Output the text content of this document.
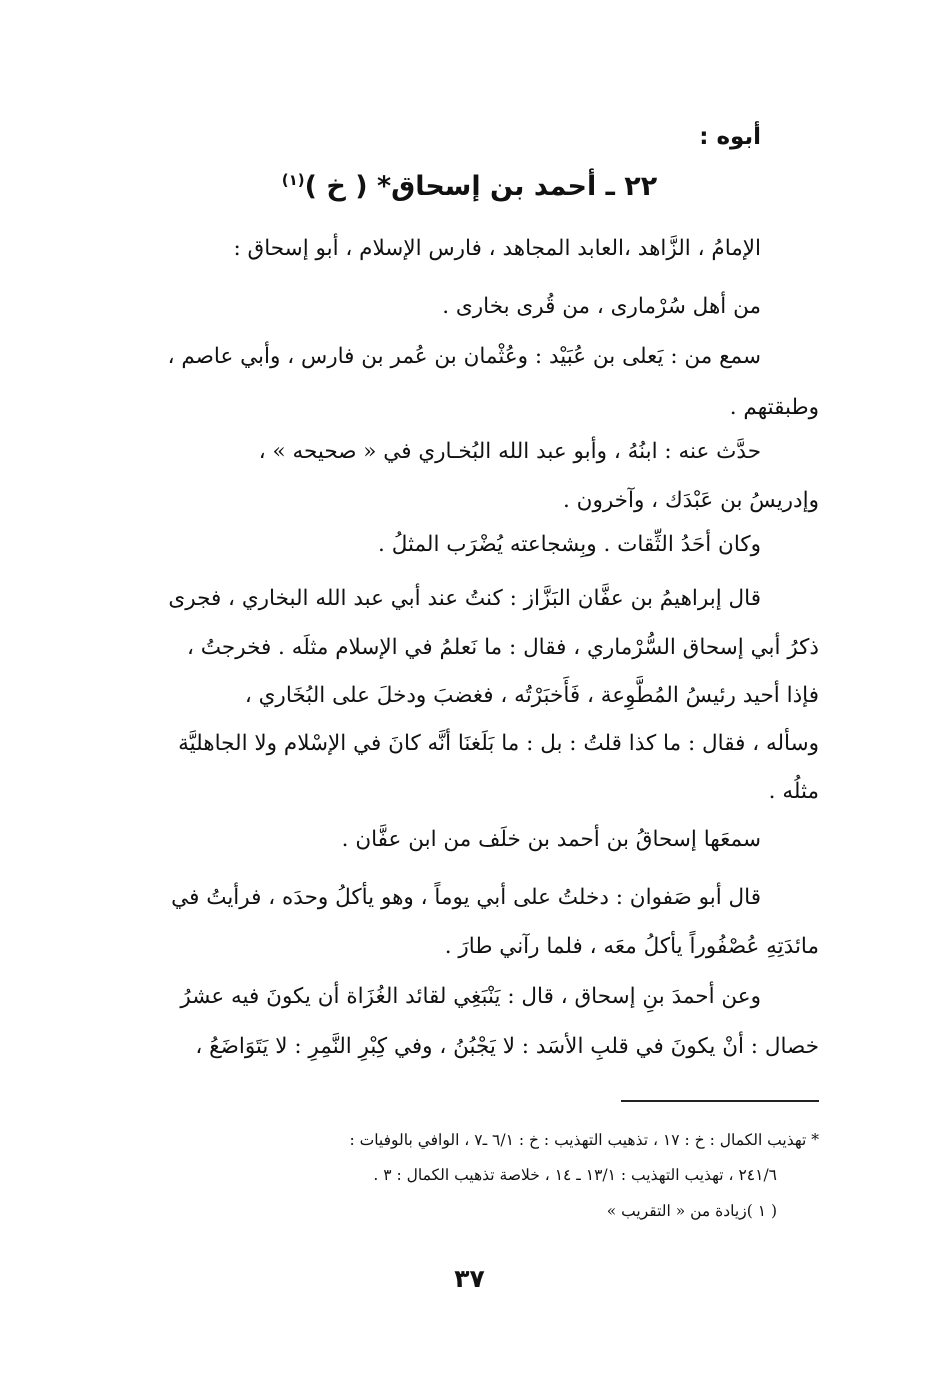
أبوه :
٢٢ ـ أحمد بن إسحاق* ( خ )$^{(١)}$
الإمامُ ، الزَّاهد ،العابد المجاهد ، فارس الإسلام ، أبو إسحاق :
من أهل سُرْمارى ، من قُرى بخارى .
سمع من : يَعلى بن عُبَيْد : وعُثْمان بن عُمر بن فارس ، وأبي عاصم ،
وطبقتهم .
حدَّث عنه : ابنُهُ ، وأبو عبد الله البُخـاري في « صحيحه » ،
وإدريسُ بن عَبْدَك ، وآخرون .
وكان أحَدُ الثِّقات . وبِشجاعته يُضْرَب المثلُ .
قال إبراهيمُ بن عفَّان البَزَّاز : كنتُ عند أبي عبد الله البخاري ، فجرى
ذكرُ أبي إسحاق السُّرْماري ، فقال : ما نَعلمُ في الإسلام مثلَه . فخرجتُ ،
فإذا أحيد رئيسُ المُطَّوِعة ، فَأَخبَرْتُه ، فغضبَ ودخلَ على البُخَاري ،
وسأله ، فقال : ما كذا قلتُ : بل : ما بَلَغنَا أنَّه كانَ في الإسْلام ولا الجاهليَّة
مثلُه .
سمعَها إسحاقُ بن أحمد بن خلَف من ابن عفَّان .
قال أبو صَفوان : دخلتُ على أبي يوماً ، وهو يأكلُ وحدَه ، فرأيتُ في
مائدَتِهِ عُصْفُوراً يأكلُ معَه ، فلما رآني طارَ .
وعن أحمدَ بنِ إسحاق ، قال : يَنْبَغِي لقائد الغُزَاة أن يكونَ فيه عشرُ
خصال : أنْ يكونَ في قلبِ الأسَد : لا يَجْبُنُ ، وفي كِبْرِ النَّمِرِ : لا يَتَوَاضَعُ ،
* تهذيب الكمال : خ : ١٧ ، تذهيب التهذيب : خ : ٦/١ ـ٧ ، الوافي بالوفيات :
٢٤١/٦ ، تهذيب التهذيب : ١٣/١ ـ ١٤ ، خلاصة تذهيب الكمال : ٣ .
( ١ )زيادة من « التقريب »
٣٧
